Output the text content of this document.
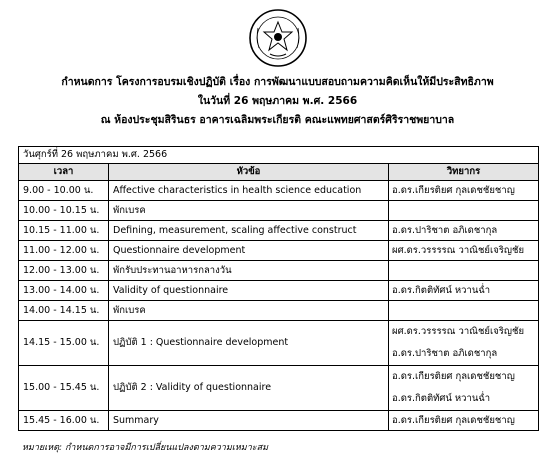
กำหนดการ โครงการอบรมเชิงปฏิบัติ เรื่อง การพัฒนาแบบสอบถามความคิดเห็นให้มีประสิทธิภาพ
ในวันที่ 26 พฤษภาคม พ.ศ. 2566
ณ ห้องประชุมสิรินธร อาคารเฉลิมพระเกียรติ คณะแพทยศาสตร์ศิริราชพยาบาล
วันศุกร์ที่ 26 พฤษภาคม พ.ศ. 2566		
เวลา	หัวข้อ	วิทยากร
9.00 - 10.00 น.	Affective characteristics in health science education	อ.ดร.เกียรติยศ กุลเดชชัยชาญ
10.00 - 10.15 น.	พักเบรค	
10.15 - 11.00 น.	Defining, measurement, scaling affective construct	อ.ดร.ปาริชาต อภิเดชากุล
11.00 - 12.00 น.	Questionnaire development	ผศ.ดร.วรรรรณ วาณิชย์เจริญชัย
12.00 - 13.00 น.	พักรับประทานอาหารกลางวัน	
13.00 - 14.00 น.	Validity of questionnaire	อ.ดร.กิตติทัศน์ หวานฉ่ำ
14.00 - 14.15 น.	พักเบรค	
14.15 - 15.00 น.	ปฏิบัติ 1 : Questionnaire development	ผศ.ดร.วรรรรณ วาณิชย์เจริญชัย
อ.ดร.ปาริชาต อภิเดชากุล

15.00 - 15.45 น.	ปฏิบัติ 2 : Validity of questionnaire	อ.ดร.เกียรติยศ กุลเดชชัยชาญ
อ.ดร.กิตติทัศน์ หวานฉ่ำ

15.45 - 16.00 น.	Summary	อ.ดร.เกียรติยศ กุลเดชชัยชาญ
หมายเหตุ: กำหนดการอาจมีการเปลี่ยนแปลงตามความเหมาะสม
